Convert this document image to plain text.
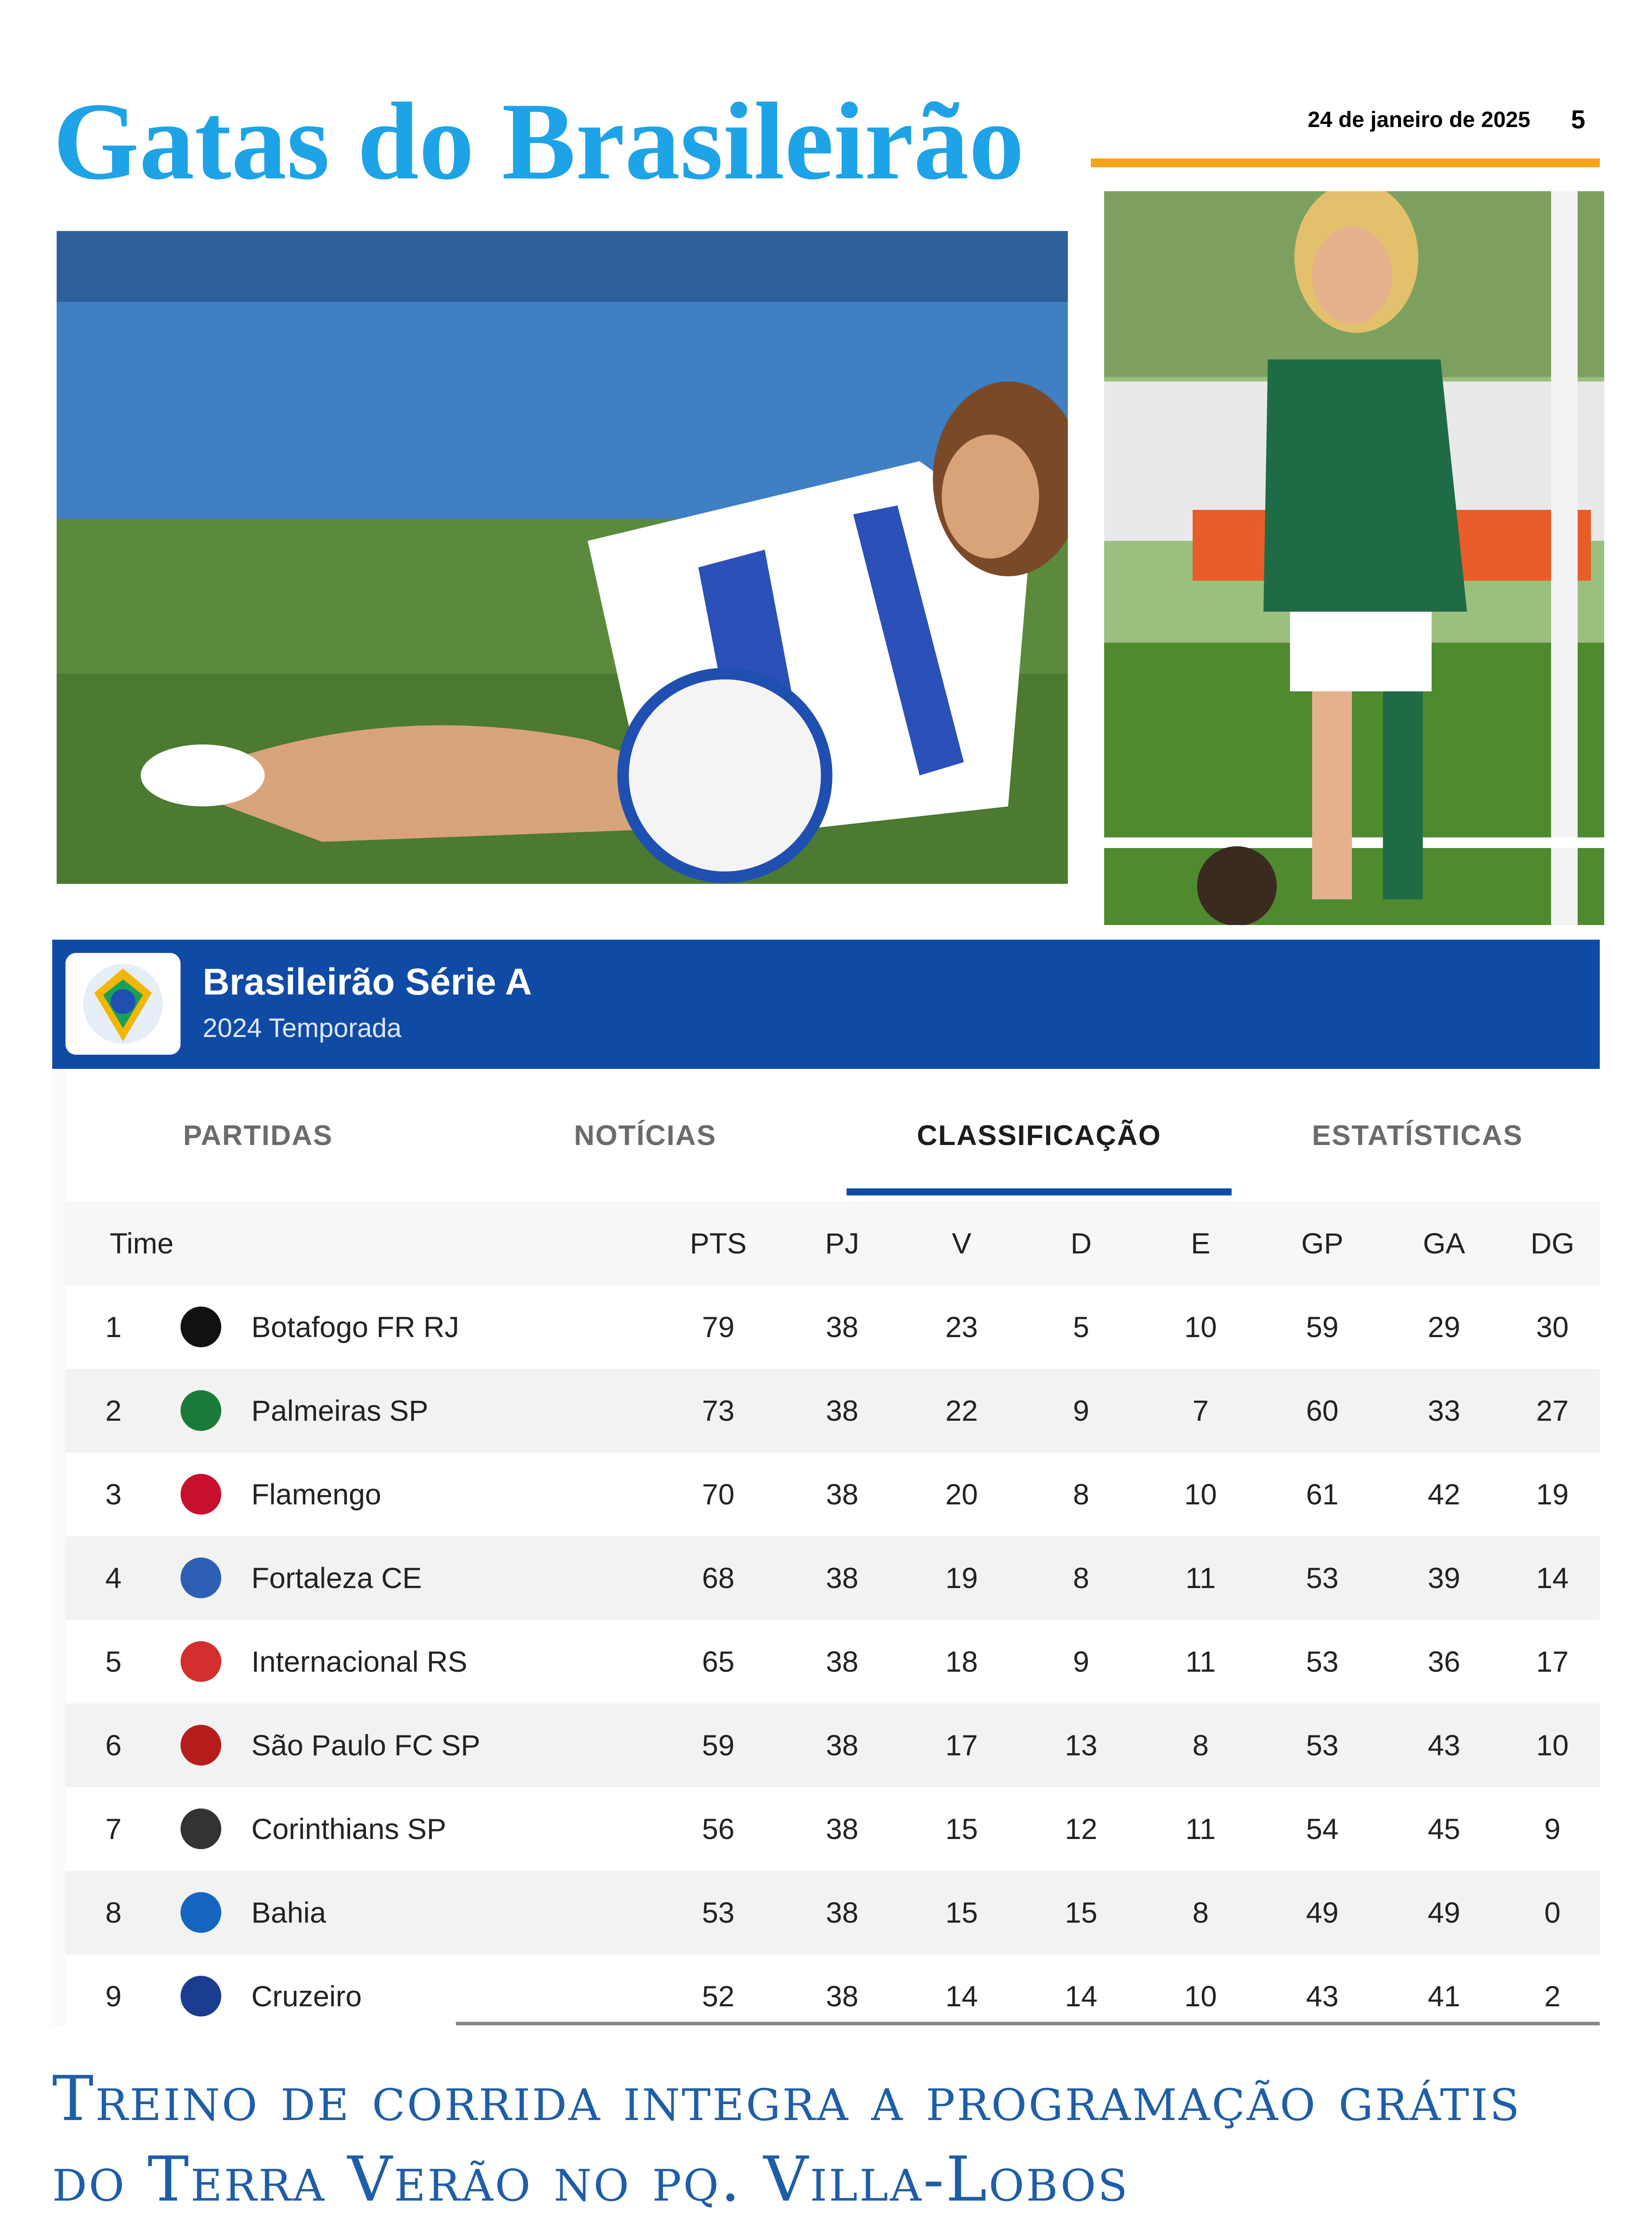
Gatas do Brasileirão	24 de janeiro de 2025 5
Brasileirão Série A
2024 Temporada
PARTIDAS	NOTÍCIAS	CLASSIFICAÇÃO	ESTATÍSTICAS
Time	PTS	PJ	V	D	E	GP	GA	DG
1	Botafogo FR RJ	79	38	23	5	10	59	29	30
2	Palmeiras SP	73	38	22	9	7	60	33	27
3	Flamengo	70	38	20	8	10	61	42	19
4	Fortaleza CE	68	38	19	8	11	53	39	14
5	Internacional RS	65	38	18	9	11	53	36	17
6	São Paulo FC SP	59	38	17	13	8	53	43	10
7	Corinthians SP	56	38	15	12	11	54	45	9
8	Bahia	53	38	15	15	8	49	49	0
9	Cruzeiro	52	38	14	14	10	43	41	2
Treino de corrida integra a programação grátis do Terra Verão no pq. Villa-Lobos
